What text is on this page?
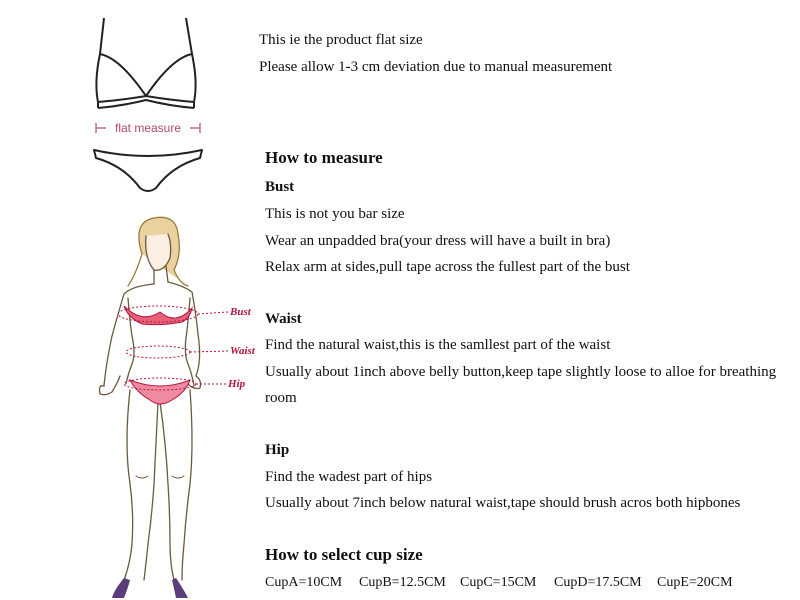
flat measure
Bust
Waist
Hip
This ie the product flat size
Please allow 1-3 cm deviation due to manual measurement
How to measure
Bust
This is not you bar size
Wear an unpadded bra(your dress will have a built in bra)
Relax arm at sides,pull tape across the fullest part of the bust
Waist
Find the natural waist,this is the samllest part of the waist
Usually about 1inch above belly button,keep tape slightly loose to alloe for breathing
room
Hip
Find the wadest part of hips
Usually about 7inch below natural waist,tape should brush acros both hipbones
How to select cup size
CupA=10CM CupB=12.5CM CupC=15CM CupD=17.5CM CupE=20CM
